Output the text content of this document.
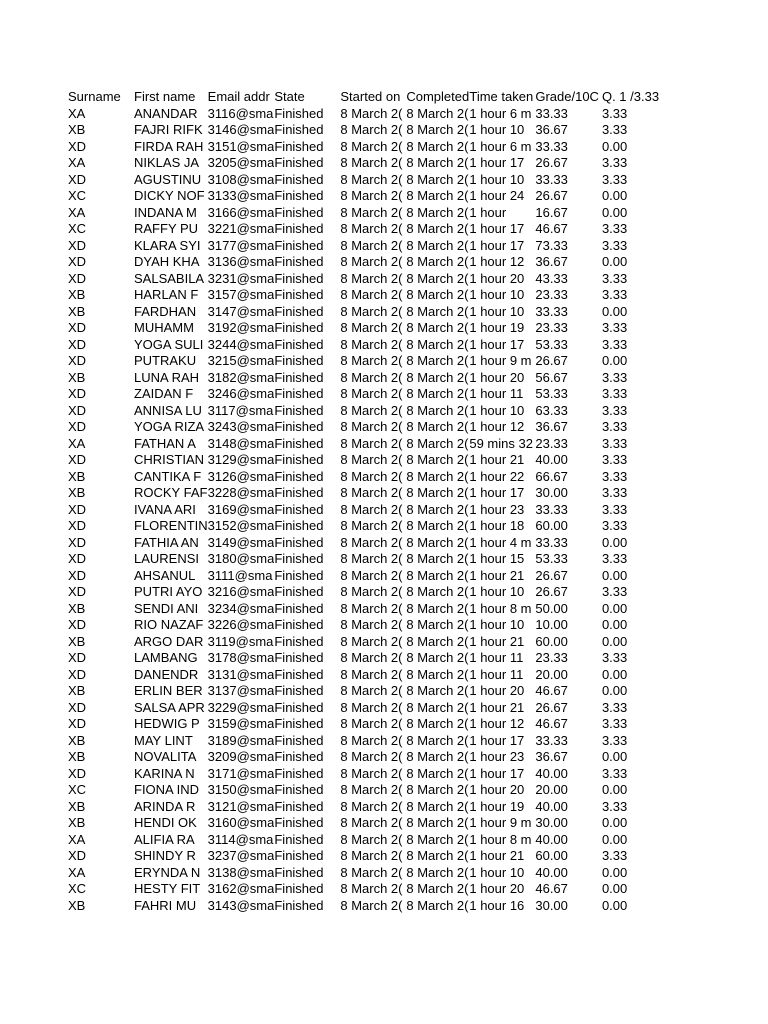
Surname	First name	Email addr	State	Started on	Completed	Time taken	Grade/10C	Q. 1 /3.33
XA	ANANDAR	3116@sma	Finished	8 March 2(	8 March 2(	1 hour 6 m	33.33	3.33
XB	FAJRI RIFK	3146@sma	Finished	8 March 2(	8 March 2(	1 hour 10	36.67	3.33
XD	FIRDA RAH	3151@sma	Finished	8 March 2(	8 March 2(	1 hour 6 m	33.33	0.00
XA	NIKLAS JA	3205@sma	Finished	8 March 2(	8 March 2(	1 hour 17	26.67	3.33
XD	AGUSTINU	3108@sma	Finished	8 March 2(	8 March 2(	1 hour 10	33.33	3.33
XC	DICKY NOF	3133@sma	Finished	8 March 2(	8 March 2(	1 hour 24	26.67	0.00
XA	INDANA M	3166@sma	Finished	8 March 2(	8 March 2(	1 hour	16.67	0.00
XC	RAFFY PU	3221@sma	Finished	8 March 2(	8 March 2(	1 hour 17	46.67	3.33
XD	KLARA SYI	3177@sma	Finished	8 March 2(	8 March 2(	1 hour 17	73.33	3.33
XD	DYAH KHA	3136@sma	Finished	8 March 2(	8 March 2(	1 hour 12	36.67	0.00
XD	SALSABILA	3231@sma	Finished	8 March 2(	8 March 2(	1 hour 20	43.33	3.33
XB	HARLAN F	3157@sma	Finished	8 March 2(	8 March 2(	1 hour 10	23.33	3.33
XB	FARDHAN	3147@sma	Finished	8 March 2(	8 March 2(	1 hour 10	33.33	0.00
XD	MUHAMM	3192@sma	Finished	8 March 2(	8 March 2(	1 hour 19	23.33	3.33
XD	YOGA SULI	3244@sma	Finished	8 March 2(	8 March 2(	1 hour 17	53.33	3.33
XD	PUTRAKU	3215@sma	Finished	8 March 2(	8 March 2(	1 hour 9 m	26.67	0.00
XB	LUNA RAH	3182@sma	Finished	8 March 2(	8 March 2(	1 hour 20	56.67	3.33
XD	ZAIDAN F	3246@sma	Finished	8 March 2(	8 March 2(	1 hour 11	53.33	3.33
XD	ANNISA LU	3117@sma	Finished	8 March 2(	8 March 2(	1 hour 10	63.33	3.33
XD	YOGA RIZA	3243@sma	Finished	8 March 2(	8 March 2(	1 hour 12	36.67	3.33
XA	FATHAN A	3148@sma	Finished	8 March 2(	8 March 2(	59 mins 32	23.33	3.33
XD	CHRISTIAN	3129@sma	Finished	8 March 2(	8 March 2(	1 hour 21	40.00	3.33
XB	CANTIKA F	3126@sma	Finished	8 March 2(	8 March 2(	1 hour 22	66.67	3.33
XB	ROCKY FAF	3228@sma	Finished	8 March 2(	8 March 2(	1 hour 17	30.00	3.33
XD	IVANA ARI	3169@sma	Finished	8 March 2(	8 March 2(	1 hour 23	33.33	3.33
XD	FLORENTIN	3152@sma	Finished	8 March 2(	8 March 2(	1 hour 18	60.00	3.33
XD	FATHIA AN	3149@sma	Finished	8 March 2(	8 March 2(	1 hour 4 m	33.33	0.00
XD	LAURENSI	3180@sma	Finished	8 March 2(	8 March 2(	1 hour 15	53.33	3.33
XD	AHSANUL	3111@sma	Finished	8 March 2(	8 March 2(	1 hour 21	26.67	0.00
XD	PUTRI AYO	3216@sma	Finished	8 March 2(	8 March 2(	1 hour 10	26.67	3.33
XB	SENDI ANI	3234@sma	Finished	8 March 2(	8 March 2(	1 hour 8 m	50.00	0.00
XD	RIO NAZAF	3226@sma	Finished	8 March 2(	8 March 2(	1 hour 10	10.00	0.00
XB	ARGO DAR	3119@sma	Finished	8 March 2(	8 March 2(	1 hour 21	60.00	0.00
XD	LAMBANG	3178@sma	Finished	8 March 2(	8 March 2(	1 hour 11	23.33	3.33
XD	DANENDR	3131@sma	Finished	8 March 2(	8 March 2(	1 hour 11	20.00	0.00
XB	ERLIN BER	3137@sma	Finished	8 March 2(	8 March 2(	1 hour 20	46.67	0.00
XD	SALSA APR	3229@sma	Finished	8 March 2(	8 March 2(	1 hour 21	26.67	3.33
XD	HEDWIG P	3159@sma	Finished	8 March 2(	8 March 2(	1 hour 12	46.67	3.33
XB	MAY LINT	3189@sma	Finished	8 March 2(	8 March 2(	1 hour 17	33.33	3.33
XB	NOVALITA	3209@sma	Finished	8 March 2(	8 March 2(	1 hour 23	36.67	0.00
XD	KARINA N	3171@sma	Finished	8 March 2(	8 March 2(	1 hour 17	40.00	3.33
XC	FIONA IND	3150@sma	Finished	8 March 2(	8 March 2(	1 hour 20	20.00	0.00
XB	ARINDA R	3121@sma	Finished	8 March 2(	8 March 2(	1 hour 19	40.00	3.33
XB	HENDI OK	3160@sma	Finished	8 March 2(	8 March 2(	1 hour 9 m	30.00	0.00
XA	ALIFIA RA	3114@sma	Finished	8 March 2(	8 March 2(	1 hour 8 m	40.00	0.00
XD	SHINDY R	3237@sma	Finished	8 March 2(	8 March 2(	1 hour 21	60.00	3.33
XA	ERYNDA N	3138@sma	Finished	8 March 2(	8 March 2(	1 hour 10	40.00	0.00
XC	HESTY FIT	3162@sma	Finished	8 March 2(	8 March 2(	1 hour 20	46.67	0.00
XB	FAHRI MU	3143@sma	Finished	8 March 2(	8 March 2(	1 hour 16	30.00	0.00
